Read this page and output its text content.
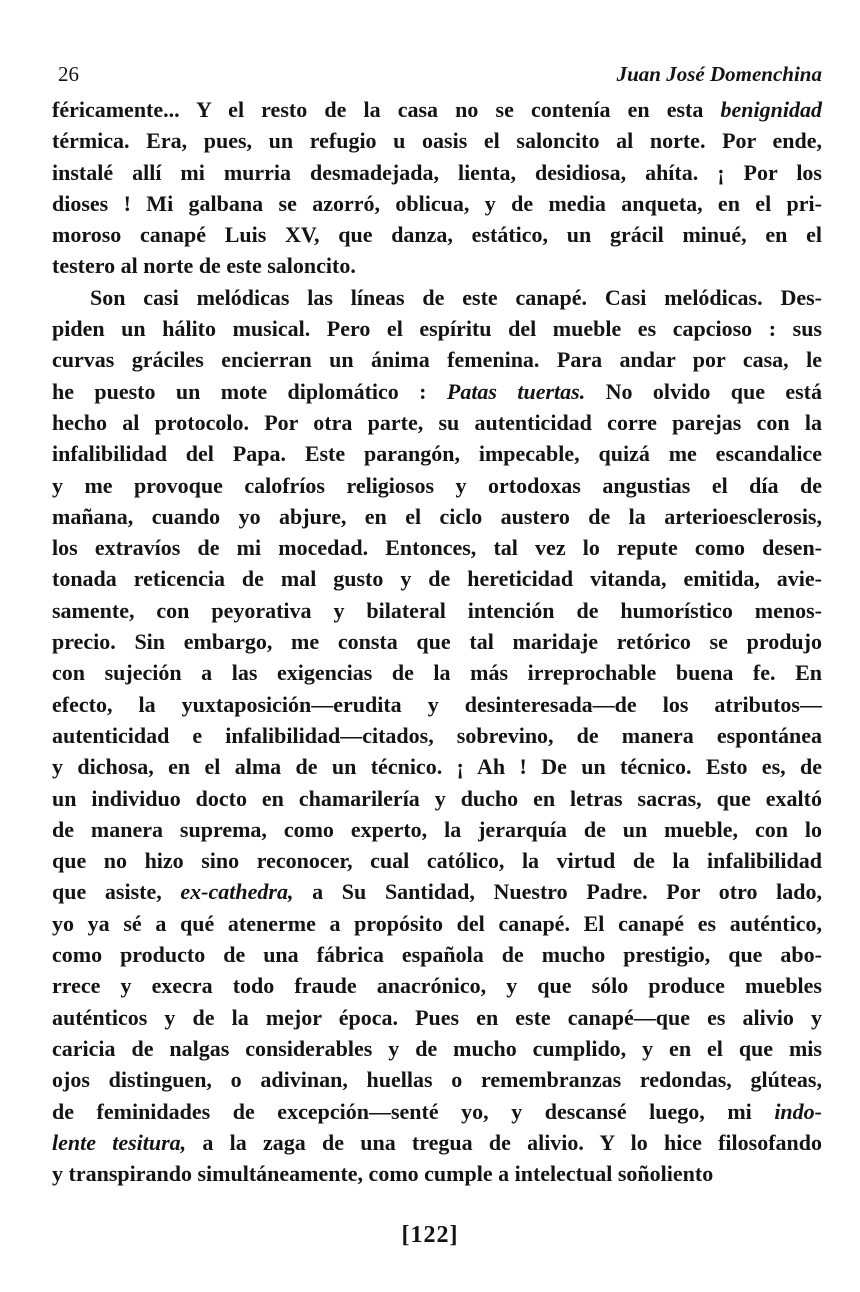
26	Juan José Domenchina
féricamente... Y el resto de la casa no se contenía en esta benignidad
térmica. Era, pues, un refugio u oasis el saloncito al norte. Por ende,
instalé allí mi murria desmadejada, lienta, desidiosa, ahíta. ¡ Por los
dioses ! Mi galbana se azorró, oblicua, y de media anqueta, en el pri-
moroso canapé Luis XV, que danza, estático, un grácil minué, en el
testero al norte de este saloncito.
Son casi melódicas las líneas de este canapé. Casi melódicas. Des-
piden un hálito musical. Pero el espíritu del mueble es capcioso : sus
curvas gráciles encierran un ánima femenina. Para andar por casa, le
he puesto un mote diplomático : Patas tuertas. No olvido que está
hecho al protocolo. Por otra parte, su autenticidad corre parejas con la
infalibilidad del Papa. Este parangón, impecable, quizá me escandalice
y me provoque calofríos religiosos y ortodoxas angustias el día de
mañana, cuando yo abjure, en el ciclo austero de la arterioesclerosis,
los extravíos de mi mocedad. Entonces, tal vez lo repute como desen-
tonada reticencia de mal gusto y de hereticidad vitanda, emitida, avie-
samente, con peyorativa y bilateral intención de humorístico menos-
precio. Sin embargo, me consta que tal maridaje retórico se produjo
con sujeción a las exigencias de la más irreprochable buena fe. En
efecto, la yuxtaposición—erudita y desinteresada—de los atributos—
autenticidad e infalibilidad—citados, sobrevino, de manera espontánea
y dichosa, en el alma de un técnico. ¡ Ah ! De un técnico. Esto es, de
un individuo docto en chamarilería y ducho en letras sacras, que exaltó
de manera suprema, como experto, la jerarquía de un mueble, con lo
que no hizo sino reconocer, cual católico, la virtud de la infalibilidad
que asiste, ex-cathedra, a Su Santidad, Nuestro Padre. Por otro lado,
yo ya sé a qué atenerme a propósito del canapé. El canapé es auténtico,
como producto de una fábrica española de mucho prestigio, que abo-
rrece y execra todo fraude anacrónico, y que sólo produce muebles
auténticos y de la mejor época. Pues en este canapé—que es alivio y
caricia de nalgas considerables y de mucho cumplido, y en el que mis
ojos distinguen, o adivinan, huellas o remembranzas redondas, glúteas,
de feminidades de excepción—senté yo, y descansé luego, mi indo-
lente tesitura, a la zaga de una tregua de alivio. Y lo hice filosofando
y transpirando simultáneamente, como cumple a intelectual soñoliento
[122]
